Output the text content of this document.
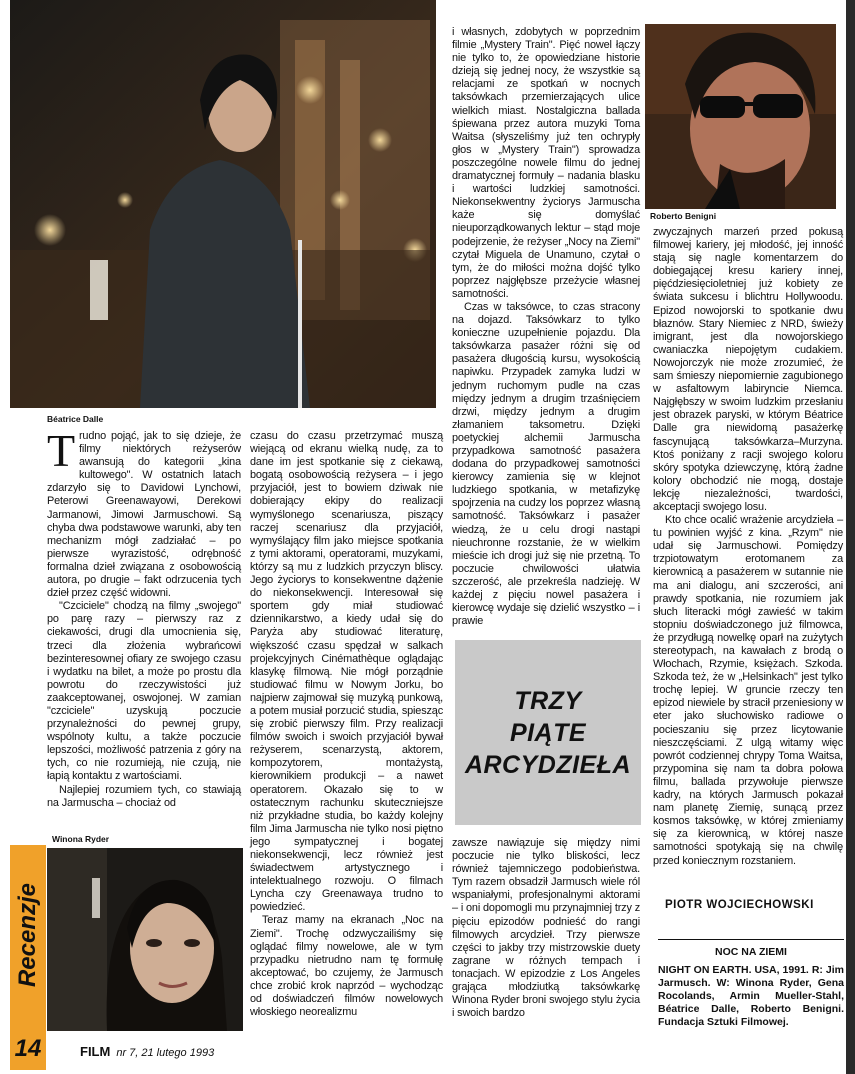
Béatrice Dalle
Roberto Benigni
Winona Ryder

Trudno pojąć, jak to się dzieje, że filmy niektórych reżyserów awansują do kategorii „kina kultowego". W ostatnich latach zdarzyło się to Davidowi Lynchowi, Peterowi Greenawayowi, Derekowi Jarmanowi, Jimowi Jarmuschowi. Są chyba dwa podstawowe warunki, aby ten mechanizm mógł zadziałać – po pierwsze wyrazistość, odrębność formalna dzieł związana z osobowością autora, po drugie – fakt odrzucenia tych dzieł przez część widowni.

"Czciciele" chodzą na filmy „swojego" po parę razy – pierwszy raz z ciekawości, drugi dla umocnienia się, trzeci dla złożenia wybrańcowi bezinteresownej ofiary ze swojego czasu i wydatku na bilet, a może po prostu dla powrotu do rzeczywistości już zaakceptowanej, oswojonej. W zamian "czciciele" uzyskują poczucie przynależności do pewnej grupy, wspólnoty kultu, a także poczucie lepszości, możliwość patrzenia z góry na tych, co nie rozumieją, nie czują, nie łapią kontaktu z wartościami.

Najlepiej rozumiem tych, co stawiają na Jarmuscha – chociaż od

czasu do czasu przetrzymać muszą wiejącą od ekranu wielką nudę, za to dane im jest spotkanie się z ciekawą, bogatą osobowością reżysera – i jego przyjaciół, jest to bowiem dziwak nie dobierający ekipy do realizacji wymyślonego scenariusza, piszący raczej scenariusz dla przyjaciół, wymyślający film jako miejsce spotkania z tymi aktorami, operatorami, muzykami, którzy są mu z ludzkich przyczyn bliscy. Jego życiorys to konsekwentne dążenie do niekonsekwencji. Interesował się sportem gdy miał studiować dziennikarstwo, a kiedy udał się do Paryża aby studiować literaturę, większość czasu spędzał w salkach projekcyjnych Cinémathèque oglądając klasykę filmową. Nie mógł porządnie studiować filmu w Nowym Jorku, bo najpierw zajmował się muzyką punkową, a potem musiał porzucić studia, spiesząc się zrobić pierwszy film. Przy realizacji filmów swoich i swoich przyjaciół bywał reżyserem, scenarzystą, aktorem, kompozytorem, montażystą, kierownikiem produkcji – a nawet operatorem. Okazało się to w ostatecznym rachunku skuteczniejsze niż przykładne studia, bo każdy kolejny film Jima Jarmuscha nie tylko nosi piętno jego sympatycznej i bogatej niekonsekwencji, lecz również jest świadectwem artystycznego i intelektualnego rozwoju. O filmach Lyncha czy Greenawaya trudno to powiedzieć.

Teraz mamy na ekranach „Noc na Ziemi". Trochę odzwyczailiśmy się oglądać filmy nowelowe, ale w tym przypadku nietrudno nam tę formułę akceptować, bo czujemy, że Jarmusch chce zrobić krok naprzód – wychodząc od doświadczeń filmów nowelowych włoskiego neorealizmu

i własnych, zdobytych w poprzednim filmie „Mystery Train". Pięć nowel łączy nie tylko to, że opowiedziane historie dzieją się jednej nocy, że wszystkie są relacjami ze spotkań w nocnych taksówkach przemierzających ulice wielkich miast. Nostalgiczna ballada śpiewana przez autora muzyki Toma Waitsa (słyszeliśmy już ten ochrypły głos w „Mystery Train") sprowadza poszczególne nowele filmu do jednej dramatycznej formuły – nadania blasku i wartości ludzkiej samotności. Niekonsekwentny życiorys Jarmuscha każe się domyślać nieuporządkowanych lektur – stąd moje podejrzenie, że reżyser „Nocy na Ziemi" czytał Miguela de Unamuno, czytał o tym, że do miłości można dojść tylko poprzez najgłębsze przeżycie własnej samotności.

Czas w taksówce, to czas stracony na dojazd. Taksówkarz to tylko konieczne uzupełnienie pojazdu. Dla taksówkarza pasażer różni się od pasażera długością kursu, wysokością napiwku. Przypadek zamyka ludzi w jednym ruchomym pudle na czas między jednym a drugim trzaśnięciem drzwi, między jednym a drugim złamaniem taksometru. Dzięki poetyckiej alchemii Jarmuscha przypadkowa samotność pasażera dodana do przypadkowej samotności kierowcy zamienia się w klejnot ludzkiego spotkania, w metafizykę spojrzenia na cudzy los poprzez własną samotność. Taksówkarz i pasażer wiedzą, że u celu drogi nastąpi nieuchronne rozstanie, że w wielkim mieście ich drogi już się nie przetną. To poczucie chwilowości ułatwia szczerość, ale przekreśla nadzieję. W każdej z pięciu nowel pasażera i kierowcę wydaje się dzielić wszystko – i prawie

TRZY
PIĄTE
ARCYDZIEŁA

zawsze nawiązuje się między nimi poczucie nie tylko bliskości, lecz również tajemniczego podobieństwa. Tym razem obsadził Jarmusch wiele ról wspaniałymi, profesjonalnymi aktorami – i oni dopomogli mu przynajmniej trzy z pięciu epizodów podnieść do rangi filmowych arcydzieł. Trzy pierwsze części to jakby trzy mistrzowskie duety zagrane w różnych tempach i tonacjach. W epizodzie z Los Angeles grająca młodziutką taksówkarkę Winona Ryder broni swojego stylu życia i swoich bardzo

zwyczajnych marzeń przed pokusą filmowej kariery, jej młodość, jej inność stają się nagle komentarzem do dobiegającej kresu kariery innej, pięćdziesięcioletniej już kobiety ze świata sukcesu i blichtru Hollywoodu. Epizod nowojorski to spotkanie dwu błaznów. Stary Niemiec z NRD, świeży imigrant, jest dla nowojorskiego cwaniaczka niepojętym cudakiem. Nowojorczyk nie może zrozumieć, że sam śmieszy niepomiernie zagubionego w asfaltowym labiryncie Niemca. Najgłębszy w swoim ludzkim przesłaniu jest obrazek paryski, w którym Béatrice Dalle gra niewidomą pasażerkę fascynującą taksówkarza–Murzyna. Ktoś poniżany z racji swojego koloru skóry spotyka dziewczynę, którą żadne kolory obchodzić nie mogą, dostaje lekcję niezależności, twardości, akceptacji swojego losu.

Kto chce ocalić wrażenie arcydzieła – tu powinien wyjść z kina. „Rzym" nie udał się Jarmuschowi. Pomiędzy trzpiotowatym erotomanem za kierownicą a pasażerem w sutannie nie ma ani dialogu, ani szczerości, ani prawdy spotkania, nie rozumiem jak słuch literacki mógł zawieść w takim stopniu doświadczonego już filmowca, że przydługą nowelkę oparł na zużytych stereotypach, na kawałach z brodą o Włochach, Rzymie, księżach. Szkoda. Szkoda też, że w „Helsinkach" jest tylko trochę lepiej. W gruncie rzeczy ten epizod niewiele by stracił przeniesiony w eter jako słuchowisko radiowe o pocieszaniu się przez licytowanie nieszczęściami. Z ulgą witamy więc powrót codziennej chrypy Toma Waitsa, przypomina się nam ta dobra połowa filmu, ballada przywołuje pierwsze kadry, na których Jarmusch pokazał nam planetę Ziemię, sunącą przez kosmos taksówkę, w której zmieniamy się za kierownicą, w której nasze samotności spotykają się na chwilę przed koniecznym rozstaniem.

PIOTR WOJCIECHOWSKI
NOC NA ZIEMI
NIGHT ON EARTH. USA, 1991. R: Jim Jarmusch. W: Winona Ryder, Gena Rocolands, Armin Mueller-Stahl, Béatrice Dalle, Roberto Benigni. Fundacja Sztuki Filmowej.
Recenzje
14	FILM nr 7, 21 lutego 1993
